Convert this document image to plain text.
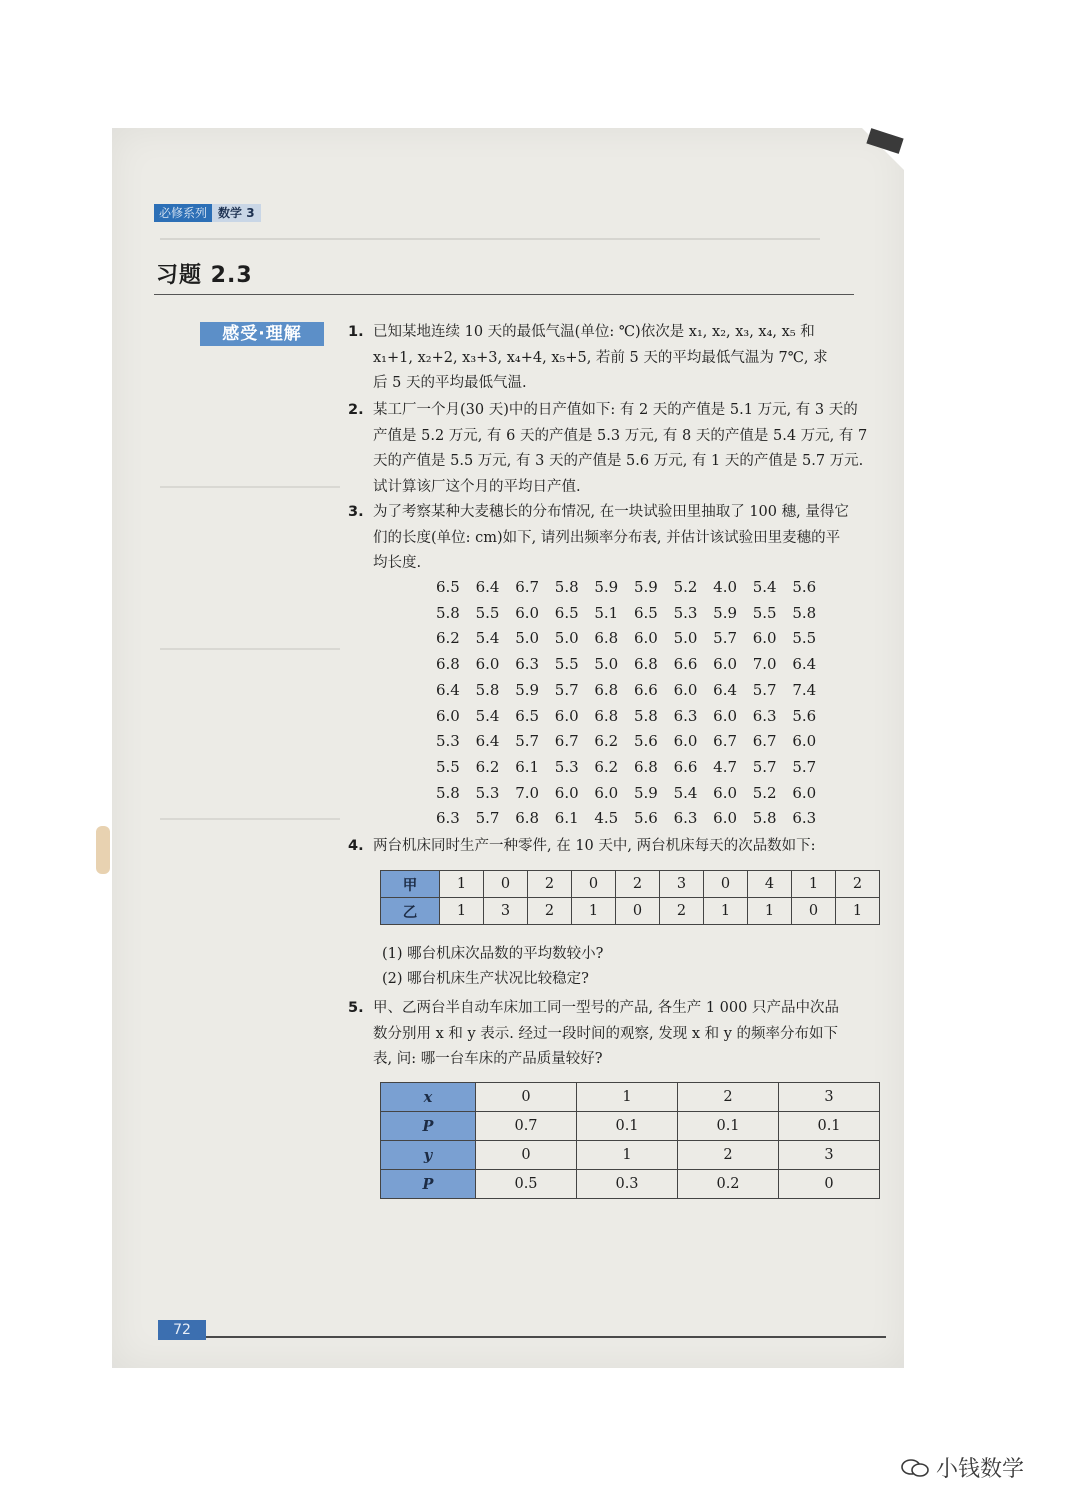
必修系列 数学 3
习题 2.3
感受·理解	1. 已知某地连续 10 天的最低气温(单位: ℃)依次是 x₁, x₂, x₃, x₄, x₅ 和
x₁+1, x₂+2, x₃+3, x₄+4, x₅+5, 若前 5 天的平均最低气温为 7℃, 求
后 5 天的平均最低气温.
2. 某工厂一个月(30 天)中的日产值如下: 有 2 天的产值是 5.1 万元, 有 3 天的
产值是 5.2 万元, 有 6 天的产值是 5.3 万元, 有 8 天的产值是 5.4 万元, 有 7
天的产值是 5.5 万元, 有 3 天的产值是 5.6 万元, 有 1 天的产值是 5.7 万元.
试计算该厂这个月的平均日产值.
3. 为了考察某种大麦穗长的分布情况, 在一块试验田里抽取了 100 穗, 量得它
们的长度(单位: cm)如下, 请列出频率分布表, 并估计该试验田里麦穗的平
均长度.
6.5	6.4	6.7	5.8	5.9	5.9	5.2	4.0	5.4	5.6
5.8	5.5	6.0	6.5	5.1	6.5	5.3	5.9	5.5	5.8
6.2	5.4	5.0	5.0	6.8	6.0	5.0	5.7	6.0	5.5
6.8	6.0	6.3	5.5	5.0	6.8	6.6	6.0	7.0	6.4
6.4	5.8	5.9	5.7	6.8	6.6	6.0	6.4	5.7	7.4
6.0	5.4	6.5	6.0	6.8	5.8	6.3	6.0	6.3	5.6
5.3	6.4	5.7	6.7	6.2	5.6	6.0	6.7	6.7	6.0
5.5	6.2	6.1	5.3	6.2	6.8	6.6	4.7	5.7	5.7
5.8	5.3	7.0	6.0	6.0	5.9	5.4	6.0	5.2	6.0
6.3	5.7	6.8	6.1	4.5	5.6	6.3	6.0	5.8	6.3
4. 两台机床同时生产一种零件, 在 10 天中, 两台机床每天的次品数如下:
甲	1	0	2	0	2	3	0	4	1	2
乙	1	3	2	1	0	2	1	1	0	1
(1) 哪台机床次品数的平均数较小?
(2) 哪台机床生产状况比较稳定?
5. 甲、乙两台半自动车床加工同一型号的产品, 各生产 1 000 只产品中次品
数分别用 x 和 y 表示. 经过一段时间的观察, 发现 x 和 y 的频率分布如下
表, 问: 哪一台车床的产品质量较好?
x	0	1	2	3
P	0.7	0.1	0.1	0.1
y	0	1	2	3
P	0.5	0.3	0.2	0
72
小钱数学
